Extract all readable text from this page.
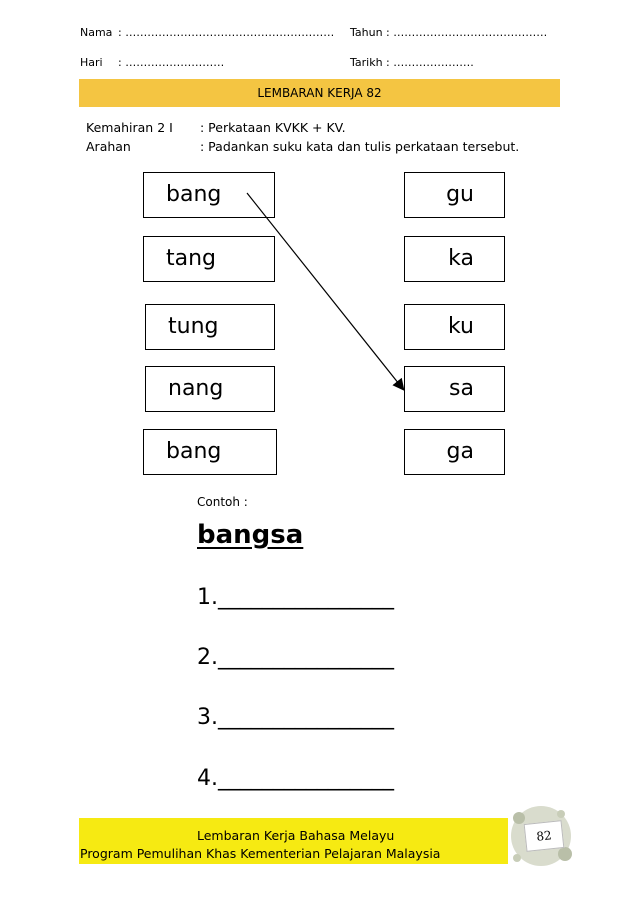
Nama : ………………………………………………… Tahun : ……………………………………
Hari : ………………………	Tarikh : ………………….
LEMBARAN KERJA 82
Kemahiran 2 I : Perkataan KVKK + KV.
Arahan	: Padankan suku kata dan tulis perkataan tersebut.
bang
tang
tung
nang
bang
gu
ka
ku
sa
ga
Contoh :
bangsa
1.________________
2.________________
3.________________
4.________________
Lembaran Kerja Bahasa Melayu
Program Pemulihan Khas Kementerian Pelajaran Malaysia
82
